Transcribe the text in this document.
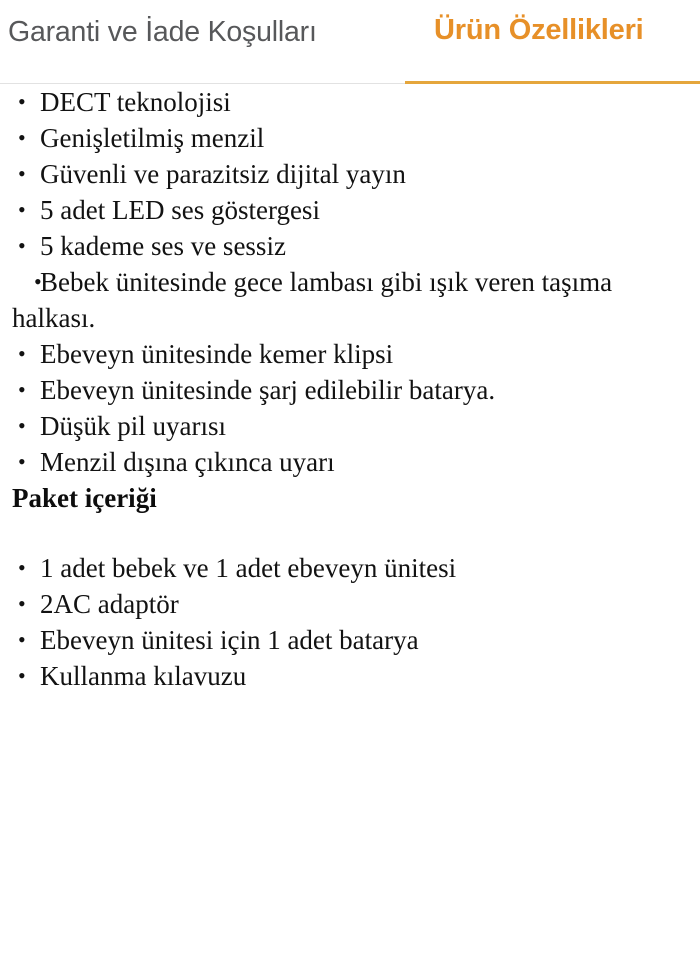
Garanti ve İade Koşulları	Ürün Özellikleri
• DECT teknolojisi
• Genişletilmiş menzil
• Güvenli ve parazitsiz dijital yayın
• 5 adet LED ses göstergesi
• 5 kademe ses ve sessiz
•
Bebek ünitesinde gece lambası gibi ışık veren taşıma halkası.
• Ebeveyn ünitesinde kemer klipsi
• Ebeveyn ünitesinde şarj edilebilir batarya.
• Düşük pil uyarısı
• Menzil dışına çıkınca uyarı
Paket içeriği
• 1 adet bebek ve 1 adet ebeveyn ünitesi
• 2AC adaptör
• Ebeveyn ünitesi için 1 adet batarya
• Kullanma kılavuzu
